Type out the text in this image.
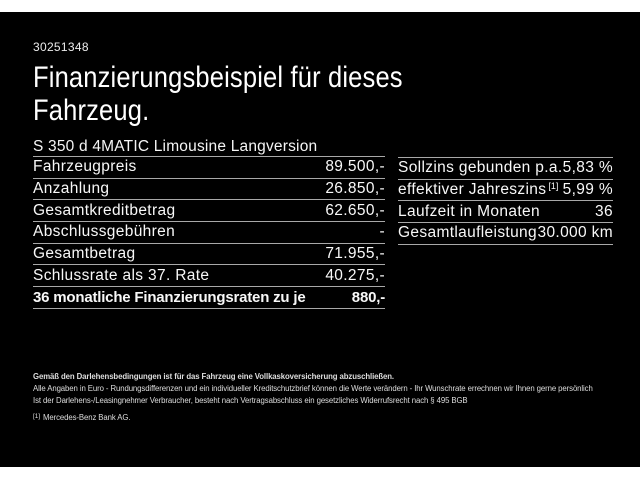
30251348
Finanzierungsbeispiel für dieses
Fahrzeug.
S 350 d 4MATIC Limousine Langversion
Fahrzeugpreis	89.500,-
Anzahlung	26.850,-
Gesamtkreditbetrag	62.650,-
Abschlussgebühren	-
Gesamtbetrag	71.955,-
Schlussrate als 37. Rate	40.275,-
36 monatliche Finanzierungsraten zu je	880,-
Sollzins gebunden p.a. 5,83 %
effektiver Jahreszins [1] 5,99 %
Laufzeit in Monaten	36
Gesamtlaufleistung 30.000 km
Gemäß den Darlehensbedingungen ist für das Fahrzeug eine Vollkaskoversicherung abzuschließen.
Alle Angaben in Euro - Rundungsdifferenzen und ein individueller Kreditschutzbrief können die Werte verändern - Ihr Wunschrate errechnen wir Ihnen gerne persönlich
Ist der Darlehens-/Leasingnehmer Verbraucher, besteht nach Vertragsabschluss ein gesetzliches Widerrufsrecht nach § 495 BGB
[1] Mercedes-Benz Bank AG.
